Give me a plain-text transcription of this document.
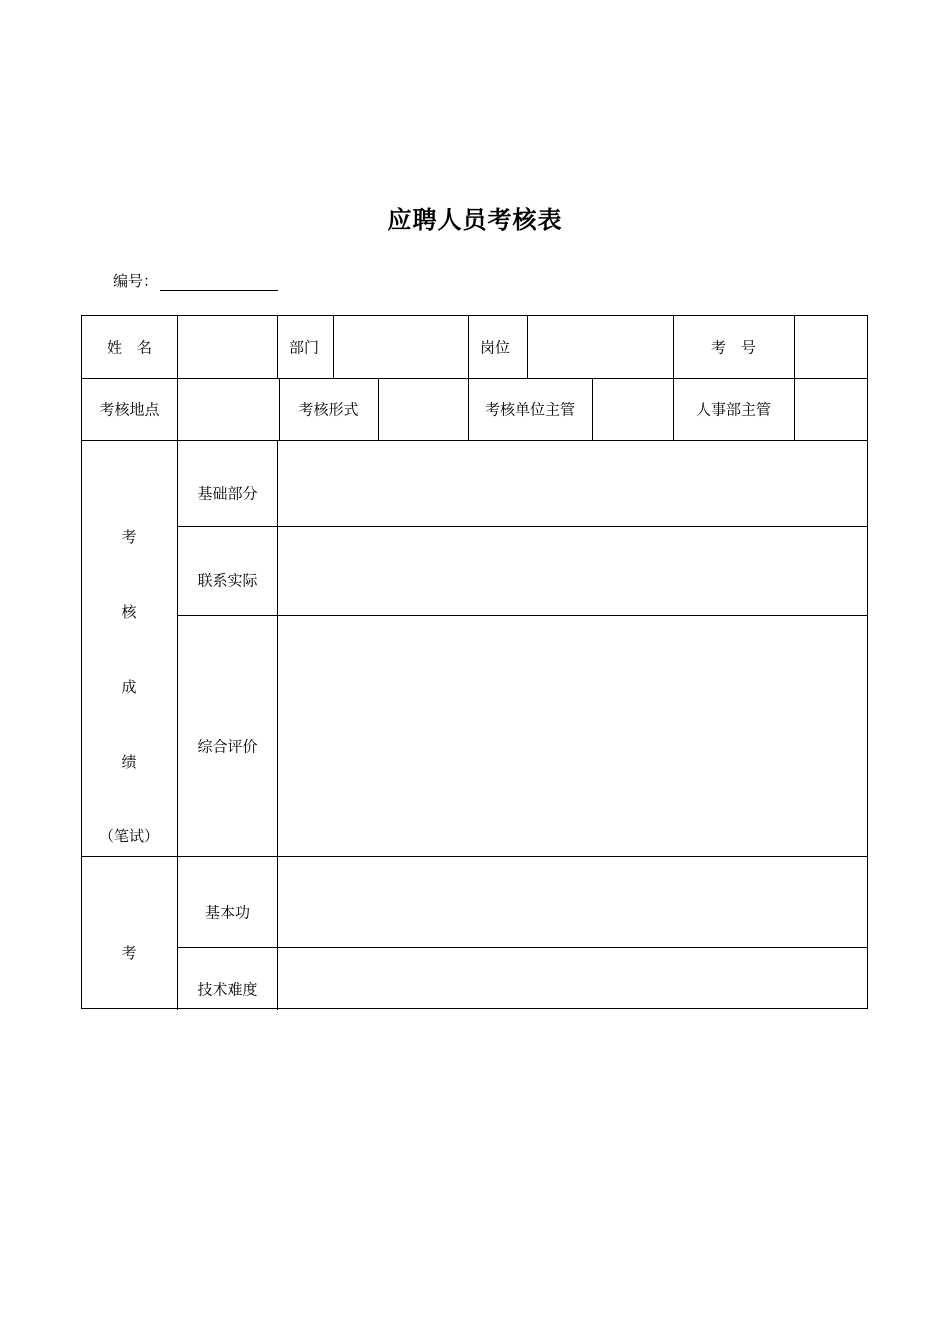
应聘人员考核表
编号：
姓　名	部门	岗位	考　号
考核地点	考核形式	考核单位主管	人事部主管
考
核
成
绩
（笔试）
基础部分
联系实际
综合评价
考
基本功
技术难度
